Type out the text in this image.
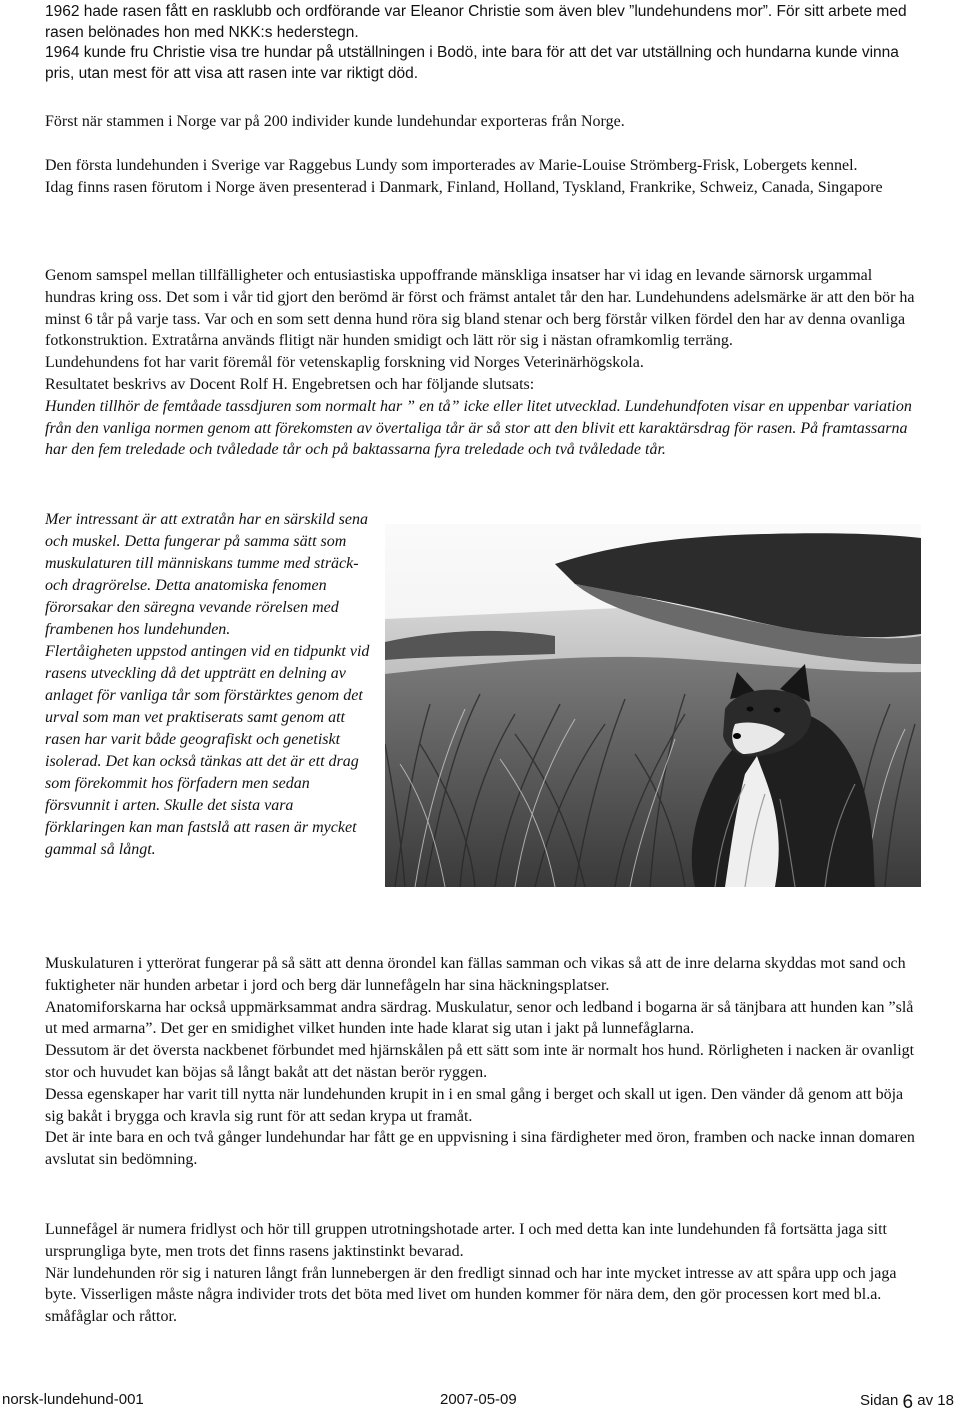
1962 hade rasen fått en rasklubb och ordförande var Eleanor Christie som även blev ”lundehundens mor”. För sitt arbete med rasen belönades hon med NKK:s hederstegn.
1964 kunde fru Christie visa tre hundar på utställningen i Bodö, inte bara för att det var utställning och hundarna kunde vinna pris, utan mest för att visa att rasen inte var riktigt död.

Först när stammen i Norge var på 200 individer kunde lundehundar exporteras från Norge.

Den första lundehunden i Sverige var Raggebus Lundy som importerades av Marie-Louise Strömberg-Frisk, Lobergets kennel.
Idag finns rasen förutom i Norge även presenterad i Danmark, Finland, Holland, Tyskland, Frankrike, Schweiz, Canada, Singapore

Genom samspel mellan tillfälligheter och entusiastiska uppoffrande mänskliga insatser har vi idag en levande särnorsk urgammal hundras kring oss. Det som i vår tid gjort den berömd är först och främst antalet tår den har. Lundehundens adelsmärke är att den bör ha minst 6 tår på varje tass. Var och en som sett denna hund röra sig bland stenar och berg förstår vilken fördel den har av denna ovanliga fotkonstruktion. Extratårna används flitigt när hunden smidigt och lätt rör sig i nästan oframkomlig terräng.
Lundehundens fot har varit föremål för vetenskaplig forskning vid Norges Veterinärhögskola.
Resultatet beskrivs av Docent Rolf H. Engebretsen och har följande slutsats:
Hunden tillhör de femtåade tassdjuren som normalt har ” en tå” icke eller litet utvecklad. Lundehundfoten visar en uppenbar variation från den vanliga normen genom att förekomsten av övertaliga tår är så stor att den blivit ett karaktärsdrag för rasen. På framtassarna har den fem treledade och tvåledade tår och på baktassarna fyra treledade och två tvåledade tår.

Mer intressant är att extratån har en särskild sena och muskel. Detta fungerar på samma sätt som muskulaturen till människans tumme med sträck- och dragrörelse. Detta anatomiska fenomen förorsakar den säregna vevande rörelsen med frambenen hos lundehunden.
Flertåigheten uppstod antingen vid en tidpunkt vid rasens utveckling då det uppträtt en delning av anlaget för vanliga tår som förstärktes genom det urval som man vet praktiserats samt genom att rasen har varit både geografiskt och genetiskt isolerad. Det kan också tänkas att det är ett drag som förekommit hos förfadern men sedan försvunnit i arten. Skulle det sista vara förklaringen kan man fastslå att rasen är mycket gammal så långt.

Muskulaturen i ytterörat fungerar på så sätt att denna örondel kan fällas samman och vikas så att de inre delarna skyddas mot sand och fuktigheter när hunden arbetar i jord och berg där lunnefågeln har sina häckningsplatser.
Anatomiforskarna har också uppmärksammat andra särdrag. Muskulatur, senor och ledband i bogarna är så tänjbara att hunden kan ”slå ut med armarna”. Det ger en smidighet vilket hunden inte hade klarat sig utan i jakt på lunnefåglarna.
Dessutom är det översta nackbenet förbundet med hjärnskålen på ett sätt som inte är normalt hos hund. Rörligheten i nacken är ovanligt stor och huvudet kan böjas så långt bakåt att det nästan berör ryggen.
Dessa egenskaper har varit till nytta när lundehunden krupit in i en smal gång i berget och skall ut igen. Den vänder då genom att böja sig bakåt i brygga och kravla sig runt för att sedan krypa ut framåt.
Det är inte bara en och två gånger lundehundar har fått ge en uppvisning i sina färdigheter med öron, framben och nacke innan domaren avslutat sin bedömning.

Lunnefågel är numera fridlyst och hör till gruppen utrotningshotade arter. I och med detta kan inte lundehunden få fortsätta jaga sitt ursprungliga byte, men trots det finns rasens jaktinstinkt bevarad.
När lundehunden rör sig i naturen långt från lunnebergen är den fredligt sinnad och har inte mycket intresse av att spåra upp och jaga byte. Visserligen måste några individer trots det böta med livet om hunden kommer för nära dem, den gör processen kort med bl.a. småfåglar och råttor.

norsk-lundehund-001	2007-05-09	Sidan 6 av 18
